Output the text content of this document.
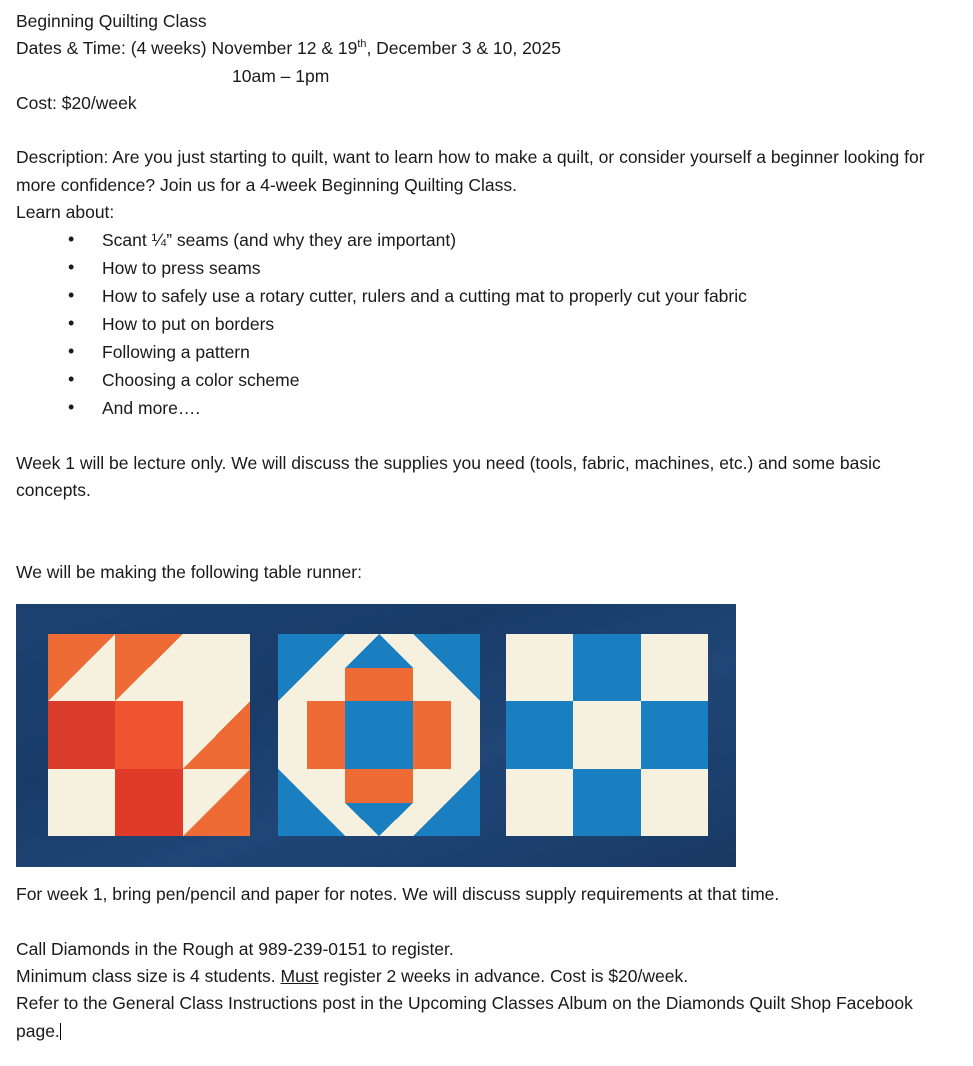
Beginning Quilting Class
Dates & Time: (4 weeks) November 12 & 19th, December 3 & 10, 2025
10am – 1pm
Cost: $20/week

Description: Are you just starting to quilt, want to learn how to make a quilt, or consider yourself a beginner looking for more confidence? Join us for a 4-week Beginning Quilting Class.

Learn about:
• Scant ¼” seams (and why they are important)
• How to press seams
• How to safely use a rotary cutter, rulers and a cutting mat to properly cut your fabric
• How to put on borders
• Following a pattern
• Choosing a color scheme
• And more….

Week 1 will be lecture only. We will discuss the supplies you need (tools, fabric, machines, etc.) and some basic concepts.

We will be making the following table runner:

For week 1, bring pen/pencil and paper for notes. We will discuss supply requirements at that time.

Call Diamonds in the Rough at 989-239-0151 to register.
Minimum class size is 4 students. Must register 2 weeks in advance. Cost is $20/week.

Refer to the General Class Instructions post in the Upcoming Classes Album on the Diamonds Quilt Shop Facebook page.
